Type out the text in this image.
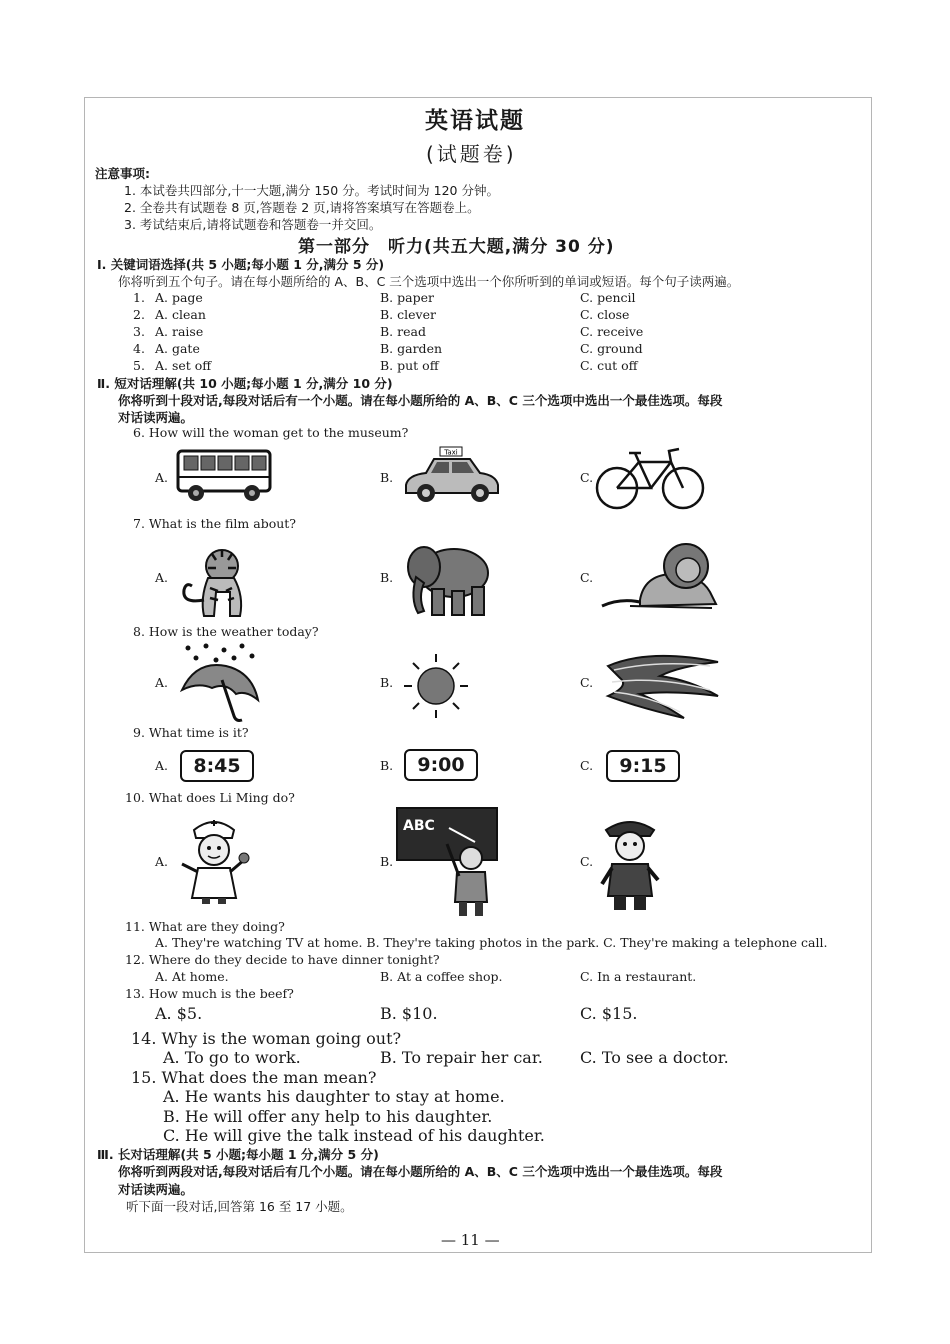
英语试题
(试题卷)
注意事项:
1. 本试卷共四部分,十一大题,满分 150 分。考试时间为 120 分钟。
2. 全卷共有试题卷 8 页,答题卷 2 页,请将答案填写在答题卷上。
3. 考试结束后,请将试题卷和答题卷一并交回。
第一部分　听力(共五大题,满分 30 分)
I. 关键词语选择(共 5 小题;每小题 1 分,满分 5 分)
你将听到五个句子。请在每小题所给的 A、B、C 三个选项中选出一个你所听到的单词或短语。每个句子读两遍。
1. A. page	B. paper	C. pencil
2. A. clean	B. clever	C. close
3. A. raise	B. read	C. receive
4. A. gate	B. garden	C. ground
5. A. set off	B. put off	C. cut off
Ⅱ. 短对话理解(共 10 小题;每小题 1 分,满分 10 分)
你将听到十段对话,每段对话后有一个小题。请在每小题所给的 A、B、C 三个选项中选出一个最佳选项。每段
对话读两遍。
6. How will the woman get to the museum?
A.	B.	C.
Taxi
7. What is the film about?
A.	B.	C.
8. How is the weather today?
A.	B.	C.
9. What time is it?
A.	B.	C.
8:45	9:00	9:15
10. What does Li Ming do?
A.	B.	C.
ABC
11. What are they doing?
A. They're watching TV at home. B. They're taking photos in the park. C. They're making a telephone call.
12. Where do they decide to have dinner tonight?
A. At home.	B. At a coffee shop.	C. In a restaurant.
13. How much is the beef?
A. $5.	B. $10.	C. $15.
14. Why is the woman going out?
A. To go to work.	B. To repair her car. C. To see a doctor.
15. What does the man mean?
A. He wants his daughter to stay at home.
B. He will offer any help to his daughter.
C. He will give the talk instead of his daughter.
Ⅲ. 长对话理解(共 5 小题;每小题 1 分,满分 5 分)
你将听到两段对话,每段对话后有几个小题。请在每小题所给的 A、B、C 三个选项中选出一个最佳选项。每段
对话读两遍。
听下面一段对话,回答第 16 至 17 小题。
— 11 —
